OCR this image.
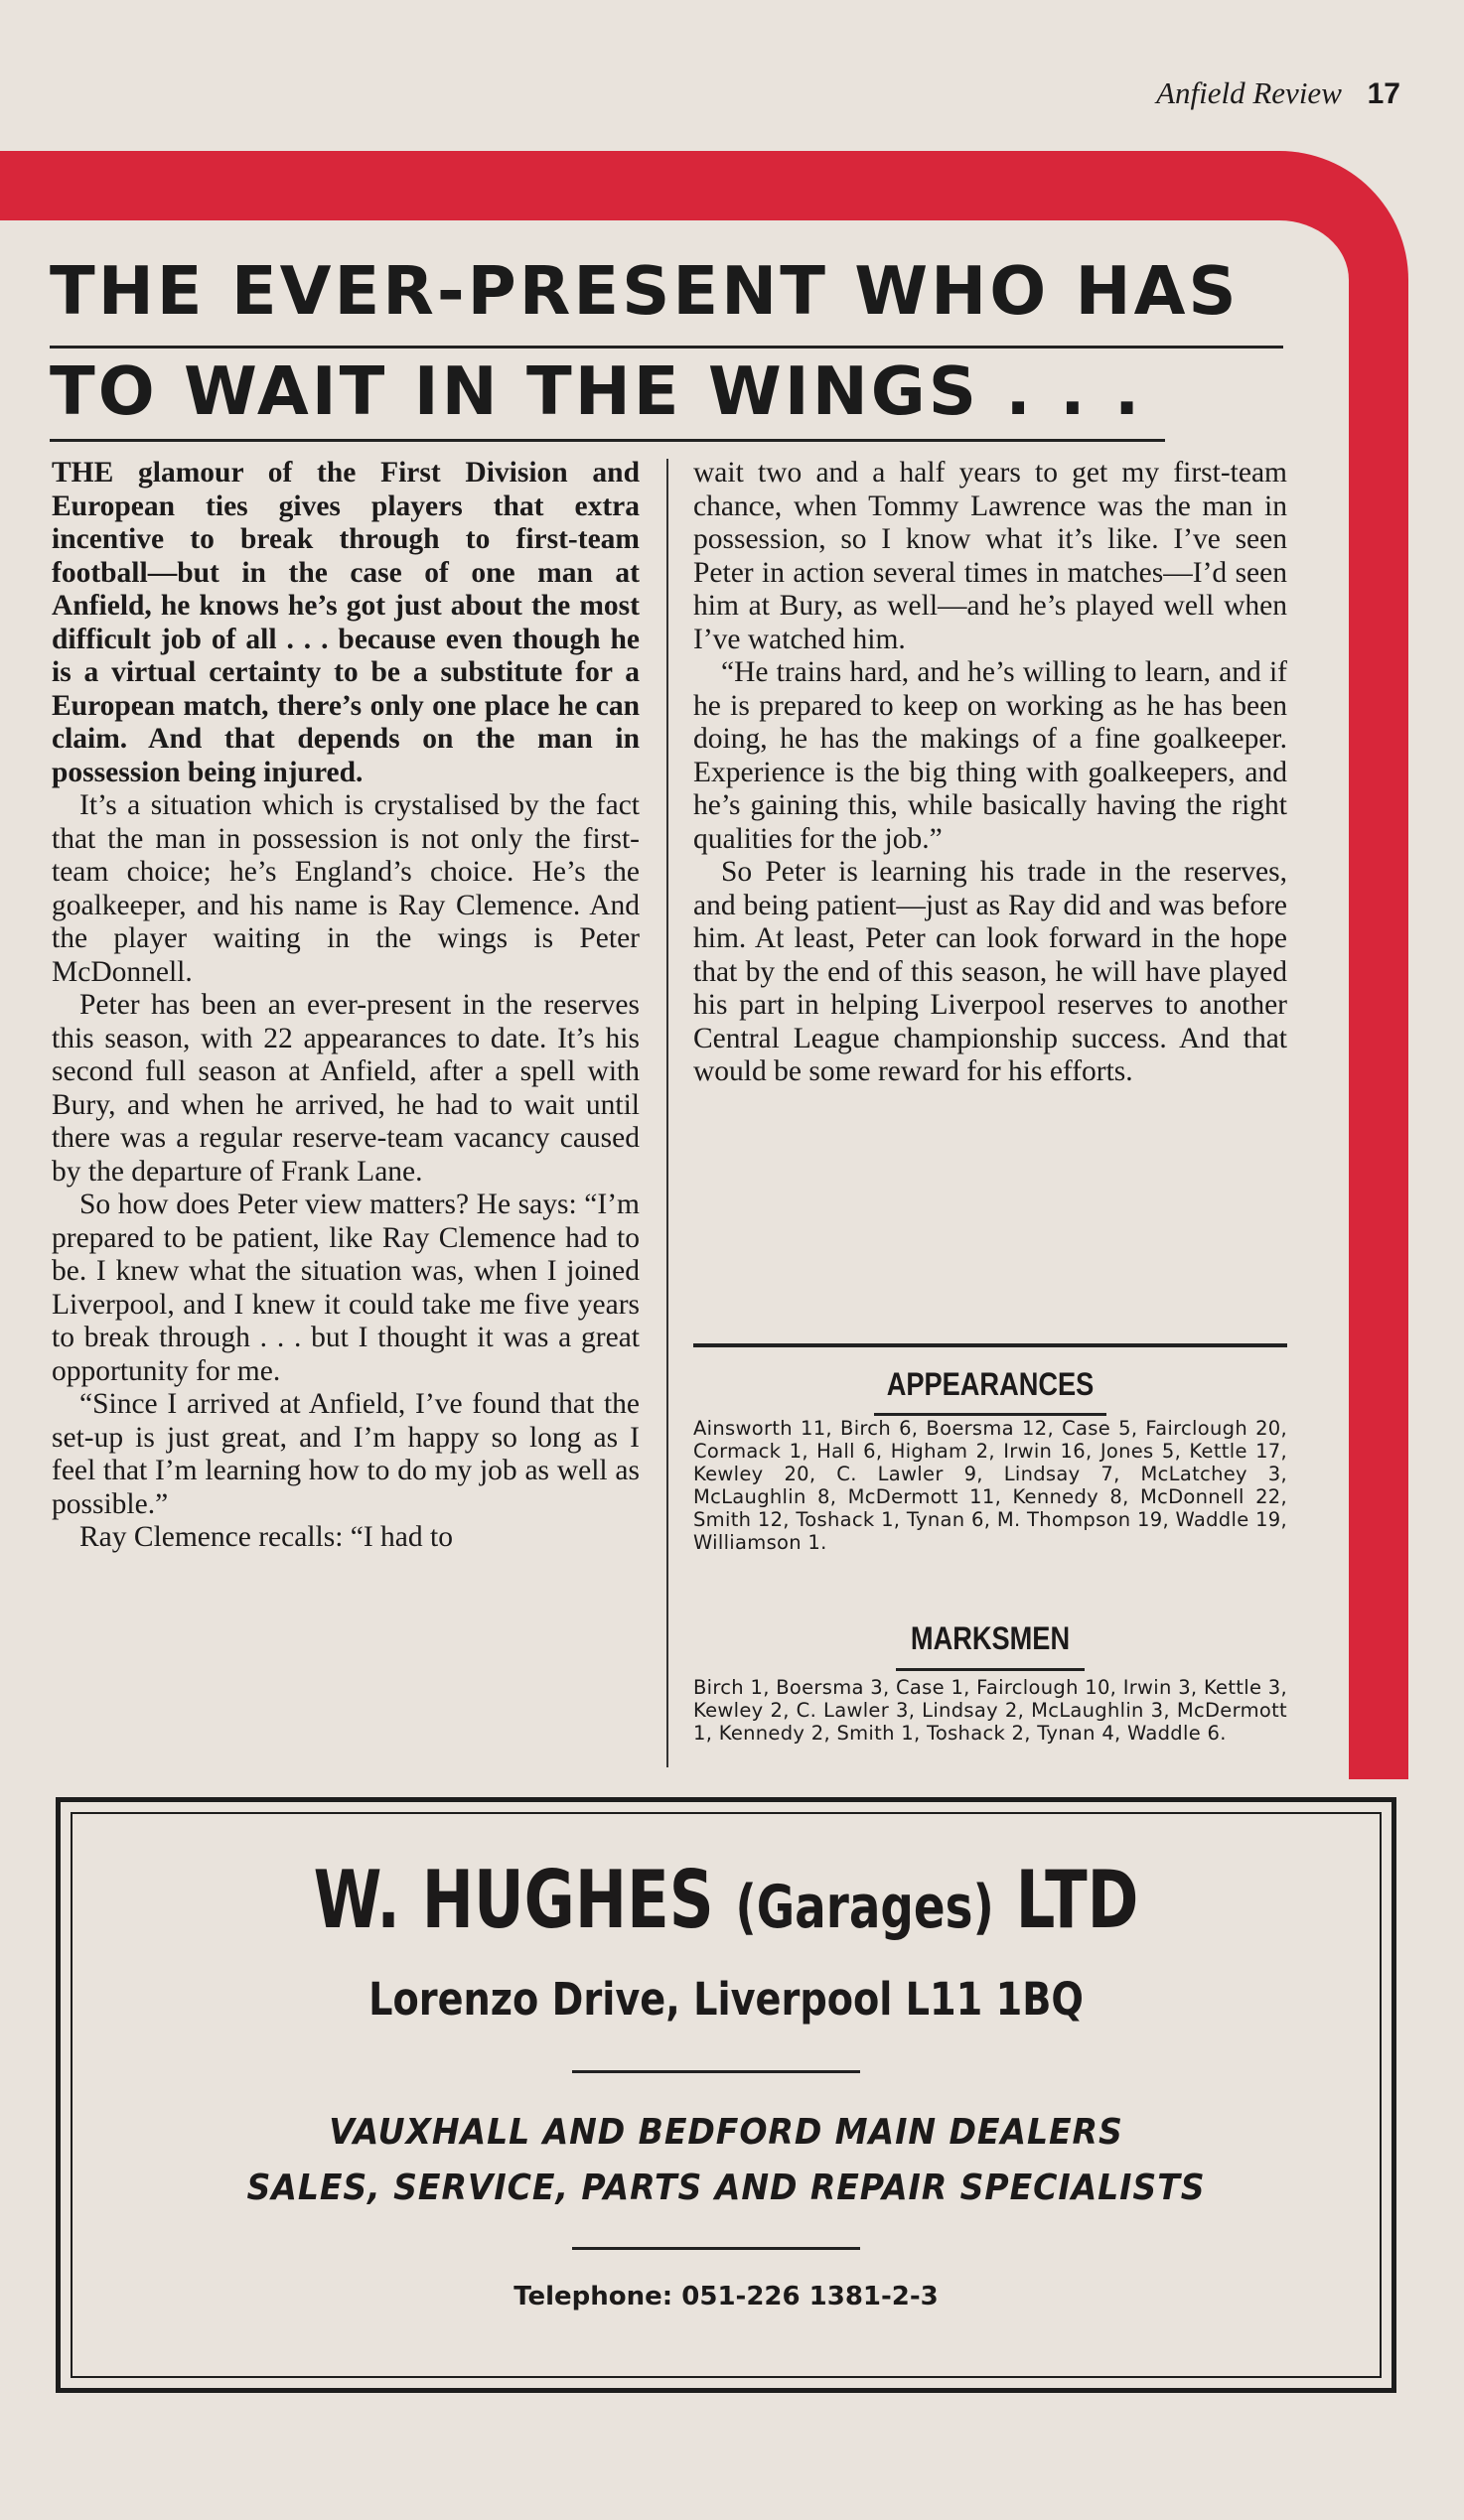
Anfield Review 17
THE EVER-PRESENT WHO HAS
TO WAIT IN THE WINGS . . .

THE glamour of the First Division and European ties gives players that extra incentive to break through to first-team football—but in the case of one man at Anfield, he knows he’s got just about the most difficult job of all . . . because even though he is a virtual certainty to be a substitute for a European match, there’s only one place he can claim. And that depends on the man in possession being injured.

It’s a situation which is crystalised by the fact that the man in possession is not only the first-team choice; he’s England’s choice. He’s the goalkeeper, and his name is Ray Clemence. And the player waiting in the wings is Peter McDonnell.

Peter has been an ever-present in the reserves this season, with 22 appearances to date. It’s his second full season at Anfield, after a spell with Bury, and when he arrived, he had to wait until there was a regular reserve-team vacancy caused by the departure of Frank Lane.

So how does Peter view matters? He says: “I’m prepared to be patient, like Ray Clemence had to be. I knew what the situation was, when I joined Liverpool, and I knew it could take me five years to break through . . . but I thought it was a great opportunity for me.

“Since I arrived at Anfield, I’ve found that the set-up is just great, and I’m happy so long as I feel that I’m learning how to do my job as well as possible.”

Ray Clemence recalls: “I had to

wait two and a half years to get my first-team chance, when Tommy Lawrence was the man in possession, so I know what it’s like. I’ve seen Peter in action several times in matches—I’d seen him at Bury, as well—and he’s played well when I’ve watched him.

“He trains hard, and he’s willing to learn, and if he is prepared to keep on working as he has been doing, he has the makings of a fine goalkeeper. Experience is the big thing with goalkeepers, and he’s gaining this, while basically having the right qualities for the job.”

So Peter is learning his trade in the reserves, and being patient—just as Ray did and was before him. At least, Peter can look forward in the hope that by the end of this season, he will have played his part in helping Liverpool reserves to another Central League championship success. And that would be some reward for his efforts.

APPEARANCES
Ainsworth 11, Birch 6, Boersma 12, Case 5, Fairclough 20, Cormack 1, Hall 6, Higham 2, Irwin 16, Jones 5, Kettle 17, Kewley 20, C. Lawler 9, Lindsay 7, McLatchey 3, McLaughlin 8, McDermott 11, Kennedy 8, McDonnell 22, Smith 12, Toshack 1, Tynan 6, M. Thompson 19, Waddle 19, Williamson 1.
MARKSMEN
Birch 1, Boersma 3, Case 1, Fairclough 10, Irwin 3, Kettle 3, Kewley 2, C. Lawler 3, Lindsay 2, McLaughlin 3, McDermott 1, Kennedy 2, Smith 1, Toshack 2, Tynan 4, Waddle 6.
W. HUGHES (Garages) LTD
Lorenzo Drive, Liverpool L11 1BQ
VAUXHALL AND BEDFORD MAIN DEALERS
SALES, SERVICE, PARTS AND REPAIR SPECIALISTS
Telephone: 051-226 1381-2-3
